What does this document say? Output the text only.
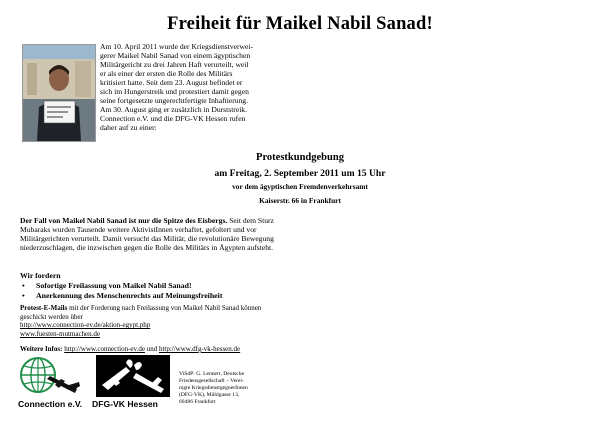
Freiheit für Maikel Nabil Sanad!
Am 10. April 2011 wurde der Kriegsdienstverwei-
gerer Maikel Nabil Sanad von einem ägyptischen
Militärgericht zu drei Jahren Haft verurteilt, weil
er als einer der ersten die Rolle des Militärs
kritisiert hatte. Seit dem 23. August befindet er
sich im Hungerstreik und protestiert damit gegen
seine fortgesetzte ungerechtfertigte Inhaftierung.
Am 30. August ging er zusätzlich in Durststreik.
Connection e.V. und die DFG-VK Hessen rufen
daher auf zu einer:
Protestkundgebung
am Freitag, 2. September 2011 um 15 Uhr
vor dem ägyptischen Fremdenverkehrsamt
Kaiserstr. 66 in Frankfurt
Der Fall von Maikel Nabil Sanad ist nur die Spitze des Eisbergs. Seit dem Sturz Mubaraks wurden Tausende weitere AktivistInnen verhaftet, gefoltert und vor Militärgerichten verurteilt. Damit versucht das Militär, die revolutionäre Bewegung niederzuschlagen, die inzwischen gegen die Rolle des Militärs in Ägypten aufsteht.
Wir fordern
• Sofortige Freilassung von Maikel Nabil Sanad!
• Anerkennung des Menschenrechts auf Meinungsfreiheit
Protest-E-Mails mit der Forderung nach Freilassung von Maikel Nabil Sanad können geschickt werden über
http://www.connection-ev.de/aktion-egypt.php
www.fuesten-mutmachen.de
Weitere Infos: http://www.connection-ev.de und http://www.dfg-vk-hessen.de
Connection e.V. DFG-VK Hessen
ViSdP: G. Lennert, Deutsche
Friedensgesellschaft – Verei-
nigte KriegsdienstgegnerInnen
(DFG-VK), Mühlgasse 13,
60486 Frankfurt
